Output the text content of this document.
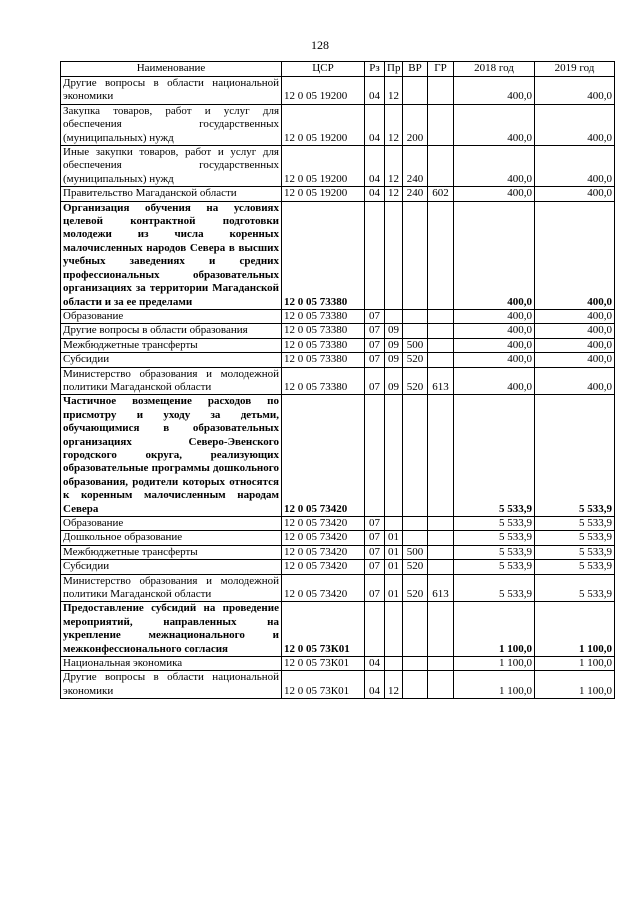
128
Наименование	ЦСР	Рз	Пр	ВР	ГР	2018 год	2019 год
Другие вопросы в области национальной экономики	12 0 05 19200	04	12			400,0	400,0
Закупка товаров, работ и услуг для обеспечения государственных (муниципальных) нужд	12 0 05 19200	04	12	200		400,0	400,0
Иные закупки товаров, работ и услуг для обеспечения государственных (муниципальных) нужд	12 0 05 19200	04	12	240		400,0	400,0
Правительство Магаданской области	12 0 05 19200	04	12	240	602	400,0	400,0
Организация обучения на условиях целевой контрактной подготовки молодежи из числа коренных малочисленных народов Севера в высших учебных заведениях и средних профессиональных образовательных организациях за территории Магаданской области и за ее пределами	12 0 05 73380					400,0	400,0
Образование	12 0 05 73380	07				400,0	400,0
Другие вопросы в области образования	12 0 05 73380	07	09			400,0	400,0
Межбюджетные трансферты	12 0 05 73380	07	09	500		400,0	400,0
Субсидии	12 0 05 73380	07	09	520		400,0	400,0
Министерство образования и молодежной политики Магаданской области	12 0 05 73380	07	09	520	613	400,0	400,0
Частичное возмещение расходов по присмотру и уходу за детьми, обучающимися в образовательных организациях Северо-Эвенского городского округа, реализующих образовательные программы дошкольного образования, родители которых относятся к коренным малочисленным народам Севера	12 0 05 73420					5 533,9	5 533,9
Образование	12 0 05 73420	07				5 533,9	5 533,9
Дошкольное образование	12 0 05 73420	07	01			5 533,9	5 533,9
Межбюджетные трансферты	12 0 05 73420	07	01	500		5 533,9	5 533,9
Субсидии	12 0 05 73420	07	01	520		5 533,9	5 533,9
Министерство образования и молодежной политики Магаданской области	12 0 05 73420	07	01	520	613	5 533,9	5 533,9
Предоставление субсидий на проведение мероприятий, направленных на укрепление межнационального и межконфессионального согласия	12 0 05 73К01					1 100,0	1 100,0
Национальная экономика	12 0 05 73К01	04				1 100,0	1 100,0
Другие вопросы в области национальной экономики	12 0 05 73К01	04	12			1 100,0	1 100,0
